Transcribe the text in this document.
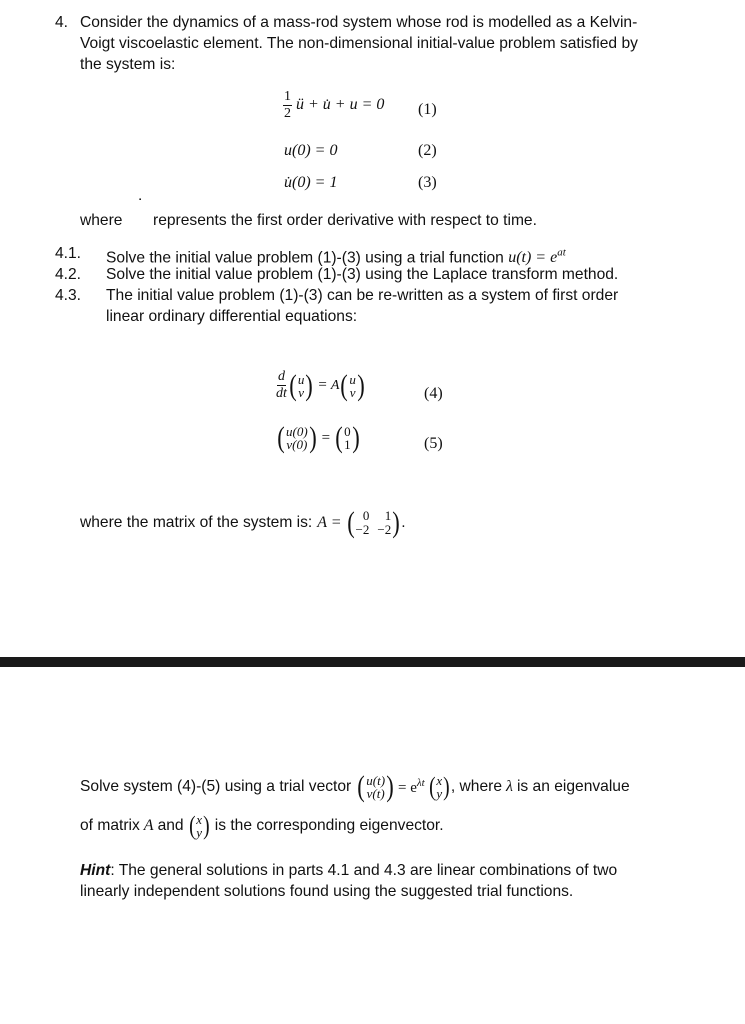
4. Consider the dynamics of a mass-rod system whose rod is modelled as a Kelvin-
Voigt viscoelastic element. The non-dimensional initial-value problem satisfied by
the system is:
$\frac{1}{2}$ ü + u̇ + u = 0 (1)
u(0) = 0	(2)
u̇(0) = 1	(3)
where
˙
represents the first order derivative with respect to time.
4.1. Solve the initial value problem (1)-(3) using a trial function $u(t) = e^{at}$
4.2. Solve the initial value problem (1)-(3) using the Laplace transform method.
4.3. The initial value problem (1)-(3) can be re-written as a system of first order
linear ordinary differential equations:
$\frac{d}{dt}$ ( u
v ) = A ( u
v )	(4)
( u(0)
v(0) ) = ( 0
1 )	(5)
where the matrix of the system is: A = ( 0	1
−2 −2 ) .
Solve system (4)-(5) using a trial vector ( u(t)
v(t) ) = $e^{\lambda t}$ ( x
y ) , where λ is an eigenvalue
of matrix A and ( x
y ) is the corresponding eigenvector.
Hint: The general solutions in parts 4.1 and 4.3 are linear combinations of two
linearly independent solutions found using the suggested trial functions.
